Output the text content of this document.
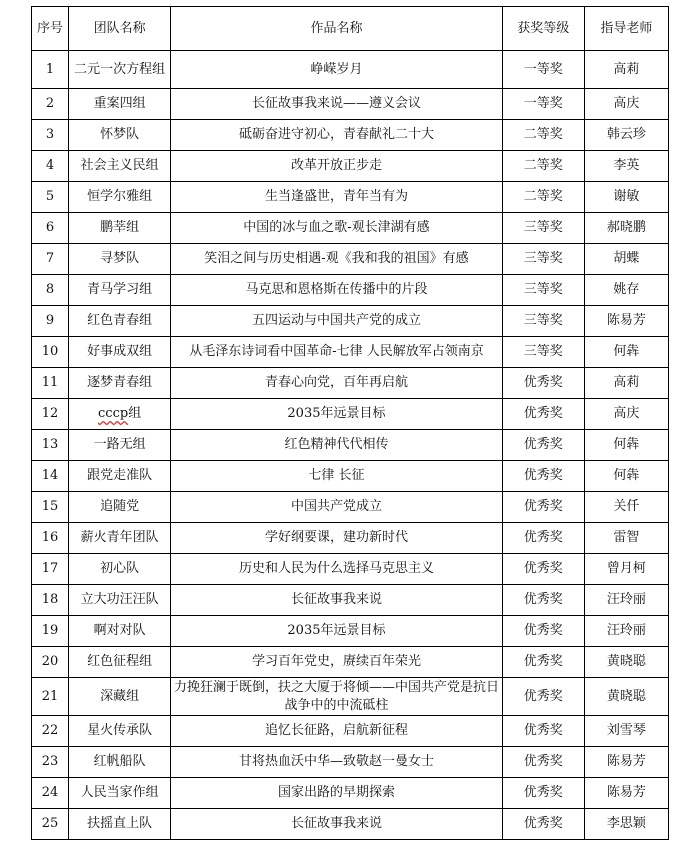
序号	团队名称	作品名称	获奖等级	指导老师
1	二元一次方程组	峥嵘岁月	一等奖	高莉
2	重案四组	长征故事我来说——遵义会议	一等奖	高庆
3	怀梦队	砥砺奋进守初心，青春献礼二十大	二等奖	韩云珍
4	社会主义民组	改革开放正步走	二等奖	李英
5	恒学尔雅组	生当逢盛世，青年当有为	二等奖	谢敏
6	鹏莘组	中国的冰与血之歌-观长津湖有感	三等奖	郝晓鹏
7	寻梦队	笑泪之间与历史相遇-观《我和我的祖国》有感	三等奖	胡蝶
8	青马学习组	马克思和恩格斯在传播中的片段	三等奖	姚存
9	红色青春组	五四运动与中国共产党的成立	三等奖	陈易芳
10	好事成双组	从毛泽东诗词看中国革命-七律 人民解放军占领南京	三等奖	何犇
11	逐梦青春组	青春心向党，百年再启航	优秀奖	高莉
12	cccp组	2035年远景目标	优秀奖	高庆
13	一路无组	红色精神代代相传	优秀奖	何犇
14	跟党走准队	七律 长征	优秀奖	何犇
15	追随党	中国共产党成立	优秀奖	关仟
16	薪火青年团队	学好纲要课，建功新时代	优秀奖	雷智
17	初心队	历史和人民为什么选择马克思主义	优秀奖	曾月柯
18	立大功汪汪队	长征故事我来说	优秀奖	汪玲丽
19	啊对对队	2035年远景目标	优秀奖	汪玲丽
20	红色征程组	学习百年党史，赓续百年荣光	优秀奖	黄晓聪
21	深藏组	力挽狂澜于既倒，扶之大厦于将倾——中国共产党是抗日战争中的中流砥柱	优秀奖	黄晓聪
22	星火传承队	追忆长征路，启航新征程	优秀奖	刘雪琴
23	红帆船队	甘将热血沃中华—致敬赵一曼女士	优秀奖	陈易芳
24	人民当家作组	国家出路的早期探索	优秀奖	陈易芳
25	扶摇直上队	长征故事我来说	优秀奖	李思颖
